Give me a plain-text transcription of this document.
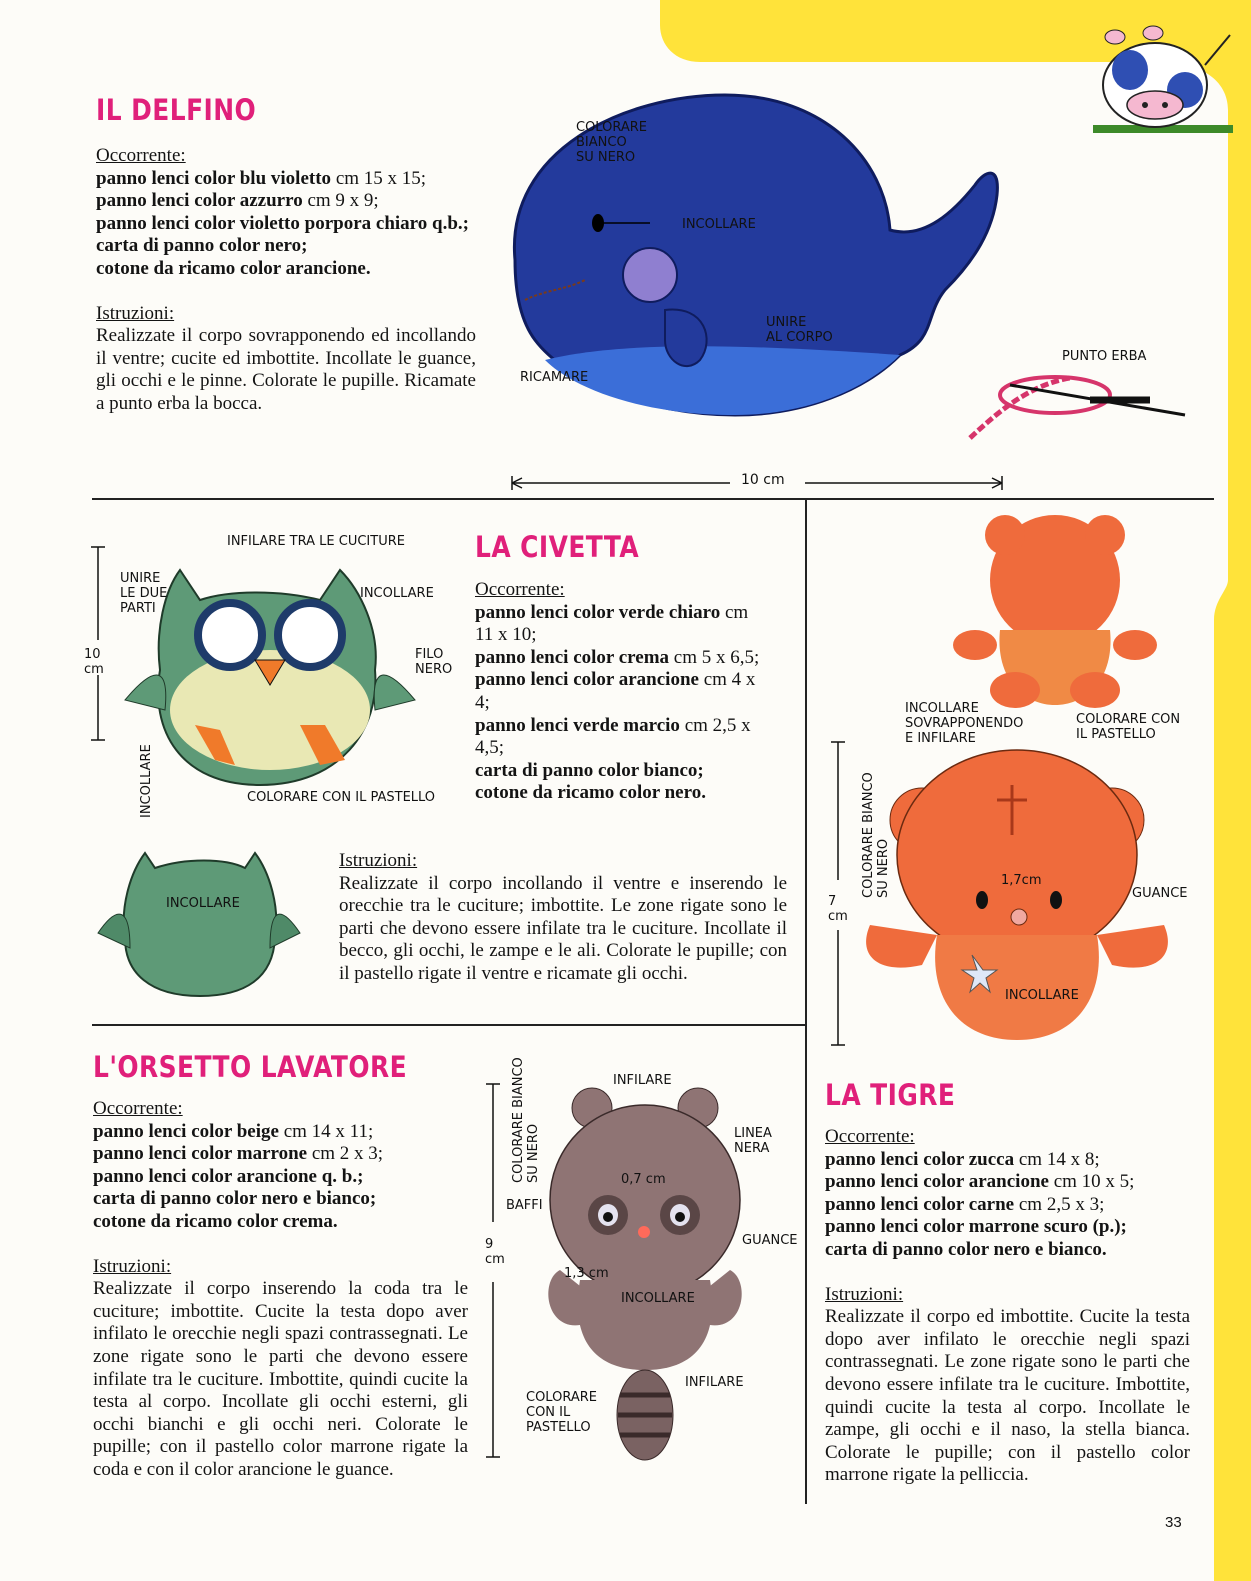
IL DELFINO

Occorrente:

panno lenci color blu violetto cm 15 x 15;
panno lenci color azzurro cm 9 x 9;
panno lenci color violetto porpora chiaro q.b.;
carta di panno color nero;
cotone da ricamo color arancione.

Istruzioni:

Realizzate il corpo sovrapponendo ed incollando il ventre; cucite ed imbottite. Incollate le guance, gli occhi e le pinne. Colorate le pupille. Ricamate a punto erba la bocca.

COLORARE
BIANCO
SU NERO
INCOLLARE
UNIRE
AL CORPO
RICAMARE
PUNTO ERBA
10 cm
INFILARE TRA LE CUCITURE
UNIRE
LE DUE
PARTI
INCOLLARE
FILO
NERO
10
cm
INCOLLARE	COLORARE CON IL PASTELLO
INCOLLARE
LA CIVETTA

Occorrente:

panno lenci color verde chiaro cm 11 x 10;
panno lenci color crema cm 5 x 6,5;
panno lenci color arancione cm 4 x 4;
panno lenci verde marcio cm 2,5 x 4,5;
carta di panno color bianco;
cotone da ricamo color nero.

Istruzioni:

Realizzate il corpo incollando il ventre e inserendo le orecchie tra le cuciture; imbottite. Le zone rigate sono le parti che devono essere infilate tra le cuciture. Incollate il becco, gli occhi, le zampe e le ali. Colorate le pupille; con il pastello rigate il ventre e ricamate gli occhi.

INCOLLARE
SOVRAPPONENDO
E INFILARE
COLORARE CON
IL PASTELLO
COLORARE BIANCO
SU NERO
1,7cm
GUANCE
7
cm
INCOLLARE
LA TIGRE

Occorrente:

panno lenci color zucca cm 14 x 8;
panno lenci color arancione cm 10 x 5;
panno lenci color carne cm 2,5 x 3;
panno lenci color marrone scuro (p.);
carta di panno color nero e bianco.

Istruzioni:

Realizzate il corpo ed imbottite. Cucite la testa dopo aver infilato le orecchie negli spazi contrassegnati. Le zone rigate sono le parti che devono essere infilate tra le cuciture. Imbottite, quindi cucite la testa al corpo. Incollate le zampe, gli occhi e il naso, la stella bianca. Colorate le pupille; con il pastello color marrone rigate la pelliccia.

L'ORSETTO LAVATORE

Occorrente:

panno lenci color beige cm 14 x 11;
panno lenci color marrone cm 2 x 3;
panno lenci color arancione q. b.;
carta di panno color nero e bianco;
cotone da ricamo color crema.

Istruzioni:

Realizzate il corpo inserendo la coda tra le cuciture; imbottite. Cucite la testa dopo aver infilato le orecchie negli spazi contrassegnati. Le zone rigate sono le parti che devono essere infilate tra le cuciture. Imbottite, quindi cucite la testa al corpo. Incollate gli occhi esterni, gli occhi bianchi e gli occhi neri. Colorate le pupille; con il pastello color marrone rigate la coda e con il color arancione le guance.

COLORARE BIANCO
SU NERO
INFILARE
LINEA
NERA
0,7 cm
BAFFI
GUANCE
9
cm
1,3 cm
INCOLLARE
INFILARE
COLORARE
CON IL
PASTELLO
33
